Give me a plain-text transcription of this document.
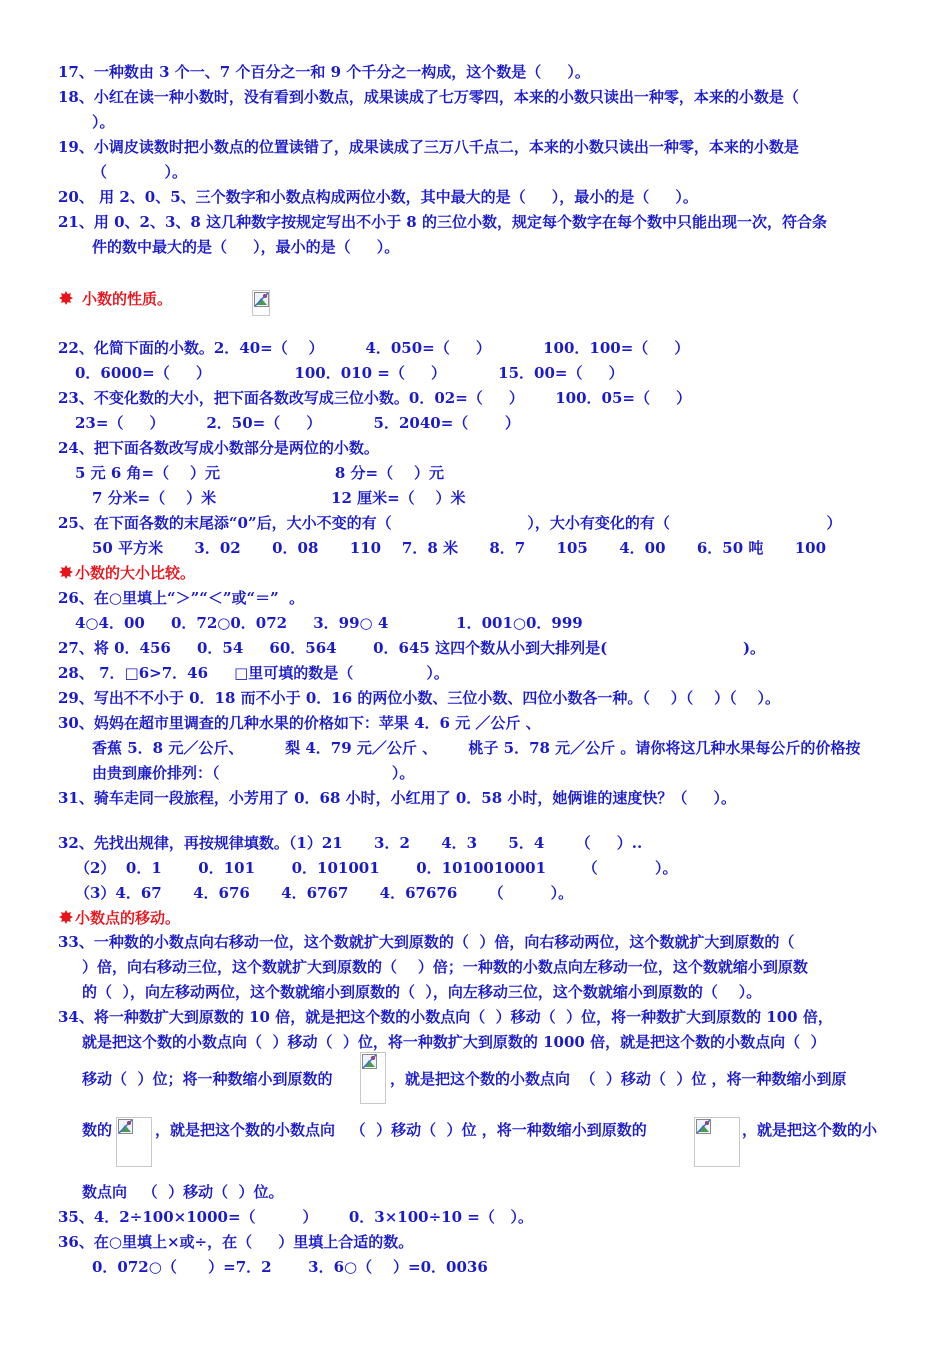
17、一种数由 3 个一、7 个百分之一和 9 个千分之一构成，这个数是（     ）。
18、小红在读一种小数时，没有看到小数点，成果读成了七万零四，本来的小数只读出一种零，本来的小数是（
）。
19、小调皮读数时把小数点的位置读错了，成果读成了三万八千点二，本来的小数只读出一种零，本来的小数是
（           ）。
20、 用 2、0、5、三个数字和小数点构成两位小数，其中最大的是（     ），最小的是（     ）。
21、用 0、2、3、8 这几种数字按规定写出不小于 8 的三位小数，规定每个数字在每个数中只能出现一次，符合条
件的数中最大的是（     ），最小的是（     ）。
小数的性质。
22、化简下面的小数。2．40=（    ）        4．050=（     ）          100．100=（     ）
0．6000=（     ）                100．010 =（     ）          15．00=（     ）
23、不变化数的大小，把下面各数改写成三位小数。0．02=（     ）      100．05=（     ）
23=（     ）        2．50=（     ）          5．2040=（       ）
24、把下面各数改写成小数部分是两位的小数。
5 元 6 角=（    ）元                      8 分=（    ）元
7 分米=（    ）米                      12 厘米=（    ）米
25、在下面各数的末尾添“0”后，大小不变的有（                          ），大小有变化的有（                              ）
50 平方米      3．02      0．08      110    7．8 米      8．7      105      4．00      6．50 吨      100
小数的大小比较。
26、在○里填上“＞”“＜”或“＝”  。
4○4．00     0．72○0．072     3．99○ 4             1．001○0．999
27、将 0．456     0．54     60．564       0．645 这四个数从小到大排列是(                          )。
28、 7．□6>7．46     □里可填的数是（              ）。
29、写出不不小于 0．18 而不小于 0．16 的两位小数、三位小数、四位小数各一种。（    ）（    ）（    ）。
30、妈妈在超市里调查的几种水果的价格如下：苹果 4．6 元 ／公斤 、
香蕉 5．8 元／公斤、        梨 4．79 元／公斤 、      桃子 5．78 元／公斤 。请你将这几种水果每公斤的价格按
由贵到廉价排列：（                                 ）。
31、骑车走同一段旅程，小芳用了 0．68 小时，小红用了 0．58 小时，她俩谁的速度快？（     ）。
32、先找出规律，再按规律填数。（1）21      3．2      4．3      5．4      （     ）..
（2）  0．1       0．101       0．101001       0．1010010001       （           ）。
（3）4．67      4．676      4．6767      4．67676      （         ）。
小数点的移动。
33、一种数的小数点向右移动一位，这个数就扩大到原数的（  ）倍，向右移动两位，这个数就扩大到原数的（
）倍，向右移动三位，这个数就扩大到原数的（    ）倍；一种数的小数点向左移动一位，这个数就缩小到原数
的（  ），向左移动两位，这个数就缩小到原数的（  ），向左移动三位，这个数就缩小到原数的（    ）。
34、将一种数扩大到原数的 10 倍，就是把这个数的小数点向（  ）移动（  ）位，将一种数扩大到原数的 100 倍，
就是把这个数的小数点向（  ）移动（  ）位，将一种数扩大到原数的 1000 倍，就是把这个数的小数点向（  ）
移动（  ）位；将一种数缩小到原数的	，就是把这个数的小数点向  （  ）移动（  ）位 ，将一种数缩小到原
数的	，就是把这个数的小数点向   （  ）移动（  ）位 ，将一种数缩小到原数的	，就是把这个数的小
数点向   （  ）移动（  ）位。
35、4．2÷100×1000=（         ）      0．3×100÷10 =（   ）。
36、在○里填上×或÷，在（     ）里填上合适的数。
0．072○（      ）=7．2       3．6○（    ）=0．0036
